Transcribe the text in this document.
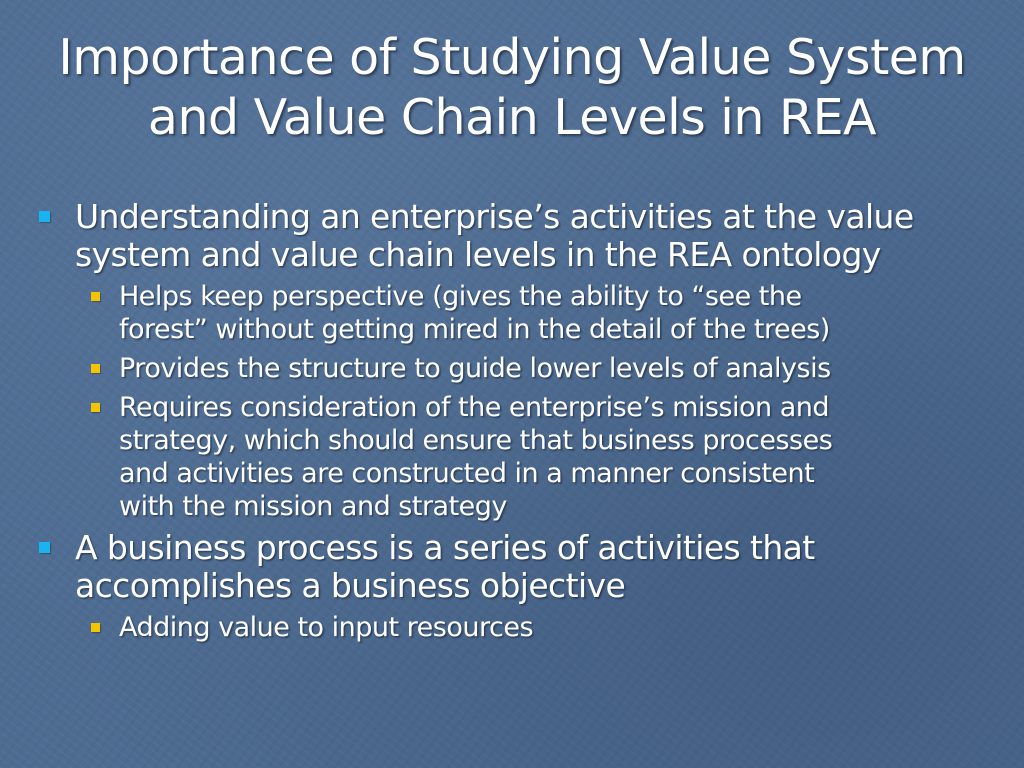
Importance of Studying Value System
and Value Chain Levels in REA
Understanding an enterprise’s activities at the value
system and value chain levels in the REA ontology
Helps keep perspective (gives the ability to “see the
forest” without getting mired in the detail of the trees)
Provides the structure to guide lower levels of analysis
Requires consideration of the enterprise’s mission and
strategy, which should ensure that business processes
and activities are constructed in a manner consistent
with the mission and strategy
A business process is a series of activities that
accomplishes a business objective
Adding value to input resources
